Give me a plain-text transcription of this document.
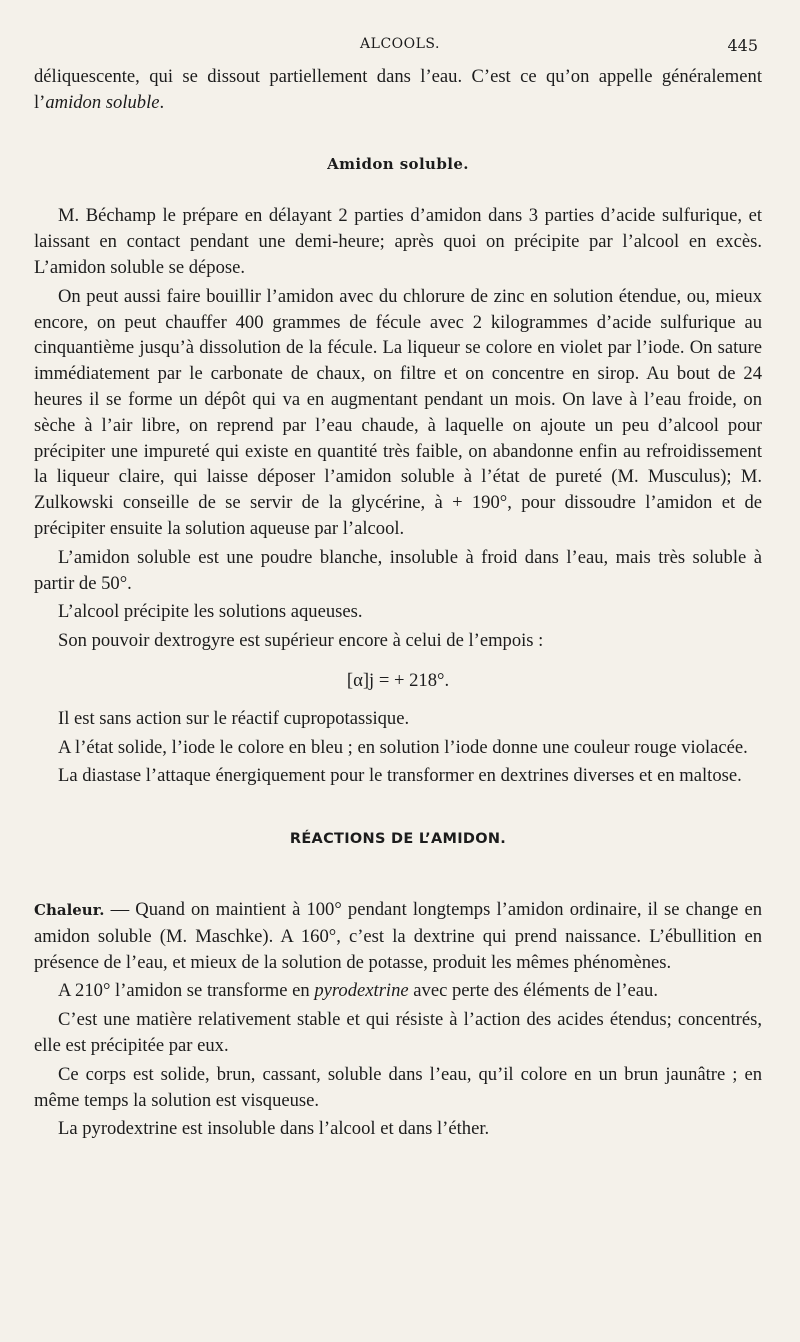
ALCOOLS.	445

déliquescente, qui se dissout partiellement dans l’eau. C’est ce qu’on appelle généralement l’amidon soluble.

Amidon soluble.

M. Béchamp le prépare en délayant 2 parties d’amidon dans 3 parties d’acide sulfurique, et laissant en contact pendant une demi-heure; après quoi on précipite par l’alcool en excès. L’amidon soluble se dépose.

On peut aussi faire bouillir l’amidon avec du chlorure de zinc en solution étendue, ou, mieux encore, on peut chauffer 400 grammes de fécule avec 2 kilogrammes d’acide sulfurique au cinquantième jusqu’à dissolution de la fécule. La liqueur se colore en violet par l’iode. On sature immédiatement par le carbonate de chaux, on filtre et on concentre en sirop. Au bout de 24 heures il se forme un dépôt qui va en augmentant pendant un mois. On lave à l’eau froide, on sèche à l’air libre, on reprend par l’eau chaude, à laquelle on ajoute un peu d’alcool pour précipiter une impureté qui existe en quantité très faible, on abandonne enfin au refroidissement la liqueur claire, qui laisse déposer l’amidon soluble à l’état de pureté (M. Musculus); M. Zulkowski conseille de se servir de la glycérine, à + 190°, pour dissoudre l’amidon et de précipiter ensuite la solution aqueuse par l’alcool.

L’amidon soluble est une poudre blanche, insoluble à froid dans l’eau, mais très soluble à partir de 50°.

L’alcool précipite les solutions aqueuses.

Son pouvoir dextrogyre est supérieur encore à celui de l’empois :

[α]j = + 218°.

Il est sans action sur le réactif cupropotassique.

A l’état solide, l’iode le colore en bleu ; en solution l’iode donne une couleur rouge violacée.

La diastase l’attaque énergiquement pour le transformer en dextrines diverses et en maltose.

RÉACTIONS DE L’AMIDON.

Chaleur. — Quand on maintient à 100° pendant longtemps l’amidon ordinaire, il se change en amidon soluble (M. Maschke). A 160°, c’est la dextrine qui prend naissance. L’ébullition en présence de l’eau, et mieux de la solution de potasse, produit les mêmes phénomènes.

A 210° l’amidon se transforme en pyrodextrine avec perte des éléments de l’eau.

C’est une matière relativement stable et qui résiste à l’action des acides étendus; concentrés, elle est précipitée par eux.

Ce corps est solide, brun, cassant, soluble dans l’eau, qu’il colore en un brun jaunâtre ; en même temps la solution est visqueuse.

La pyrodextrine est insoluble dans l’alcool et dans l’éther.
